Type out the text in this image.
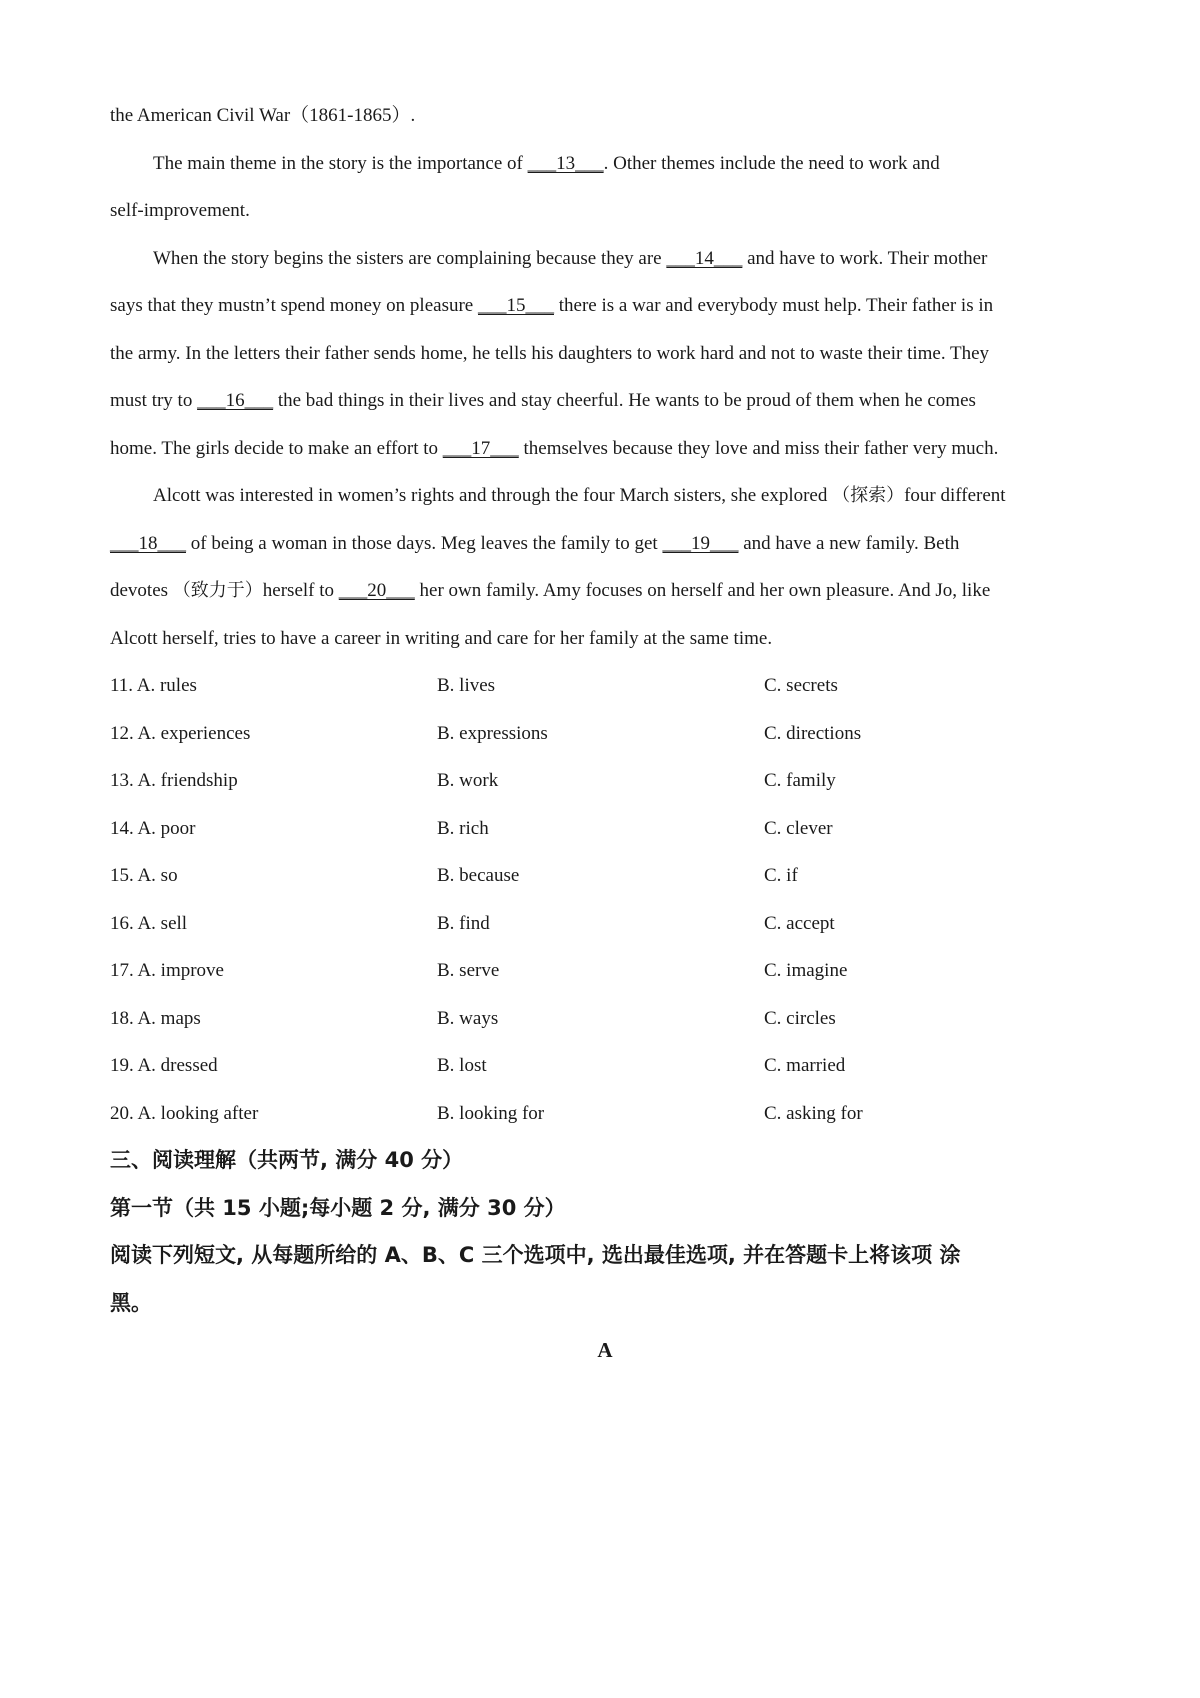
the American Civil War（1861-1865）.
The main theme in the story is the importance of ___13___. Other themes include the need to work and
self-improvement.
When the story begins the sisters are complaining because they are ___14___ and have to work. Their mother
says that they mustn’t spend money on pleasure ___15___ there is a war and everybody must help. Their father is in
the army. In the letters their father sends home, he tells his daughters to work hard and not to waste their time. They
must try to ___16___ the bad things in their lives and stay cheerful. He wants to be proud of them when he comes
home. The girls decide to make an effort to ___17___ themselves because they love and miss their father very much.
Alcott was interested in women’s rights and through the four March sisters, she explored （探索）four different
___18___ of being a woman in those days. Meg leaves the family to get ___19___ and have a new family. Beth
devotes （致力于）herself to ___20___ her own family. Amy focuses on herself and her own pleasure. And Jo, like
Alcott herself, tries to have a career in writing and care for her family at the same time.
11. A. rules	B. lives	C. secrets
12. A. experiences	B. expressions	C. directions
13. A. friendship	B. work	C. family
14. A. poor	B. rich	C. clever
15. A. so	B. because	C. if
16. A. sell	B. find	C. accept
17. A. improve	B. serve	C. imagine
18. A. maps	B. ways	C. circles
19. A. dressed	B. lost	C. married
20. A. looking after	B. looking for	C. asking for
三、阅读理解（共两节, 满分 40 分）
第一节（共 15 小题;每小题 2 分, 满分 30 分）
阅读下列短文, 从每题所给的 A、B、C 三个选项中, 选出最佳选项, 并在答题卡上将该项 涂
黑。
A
